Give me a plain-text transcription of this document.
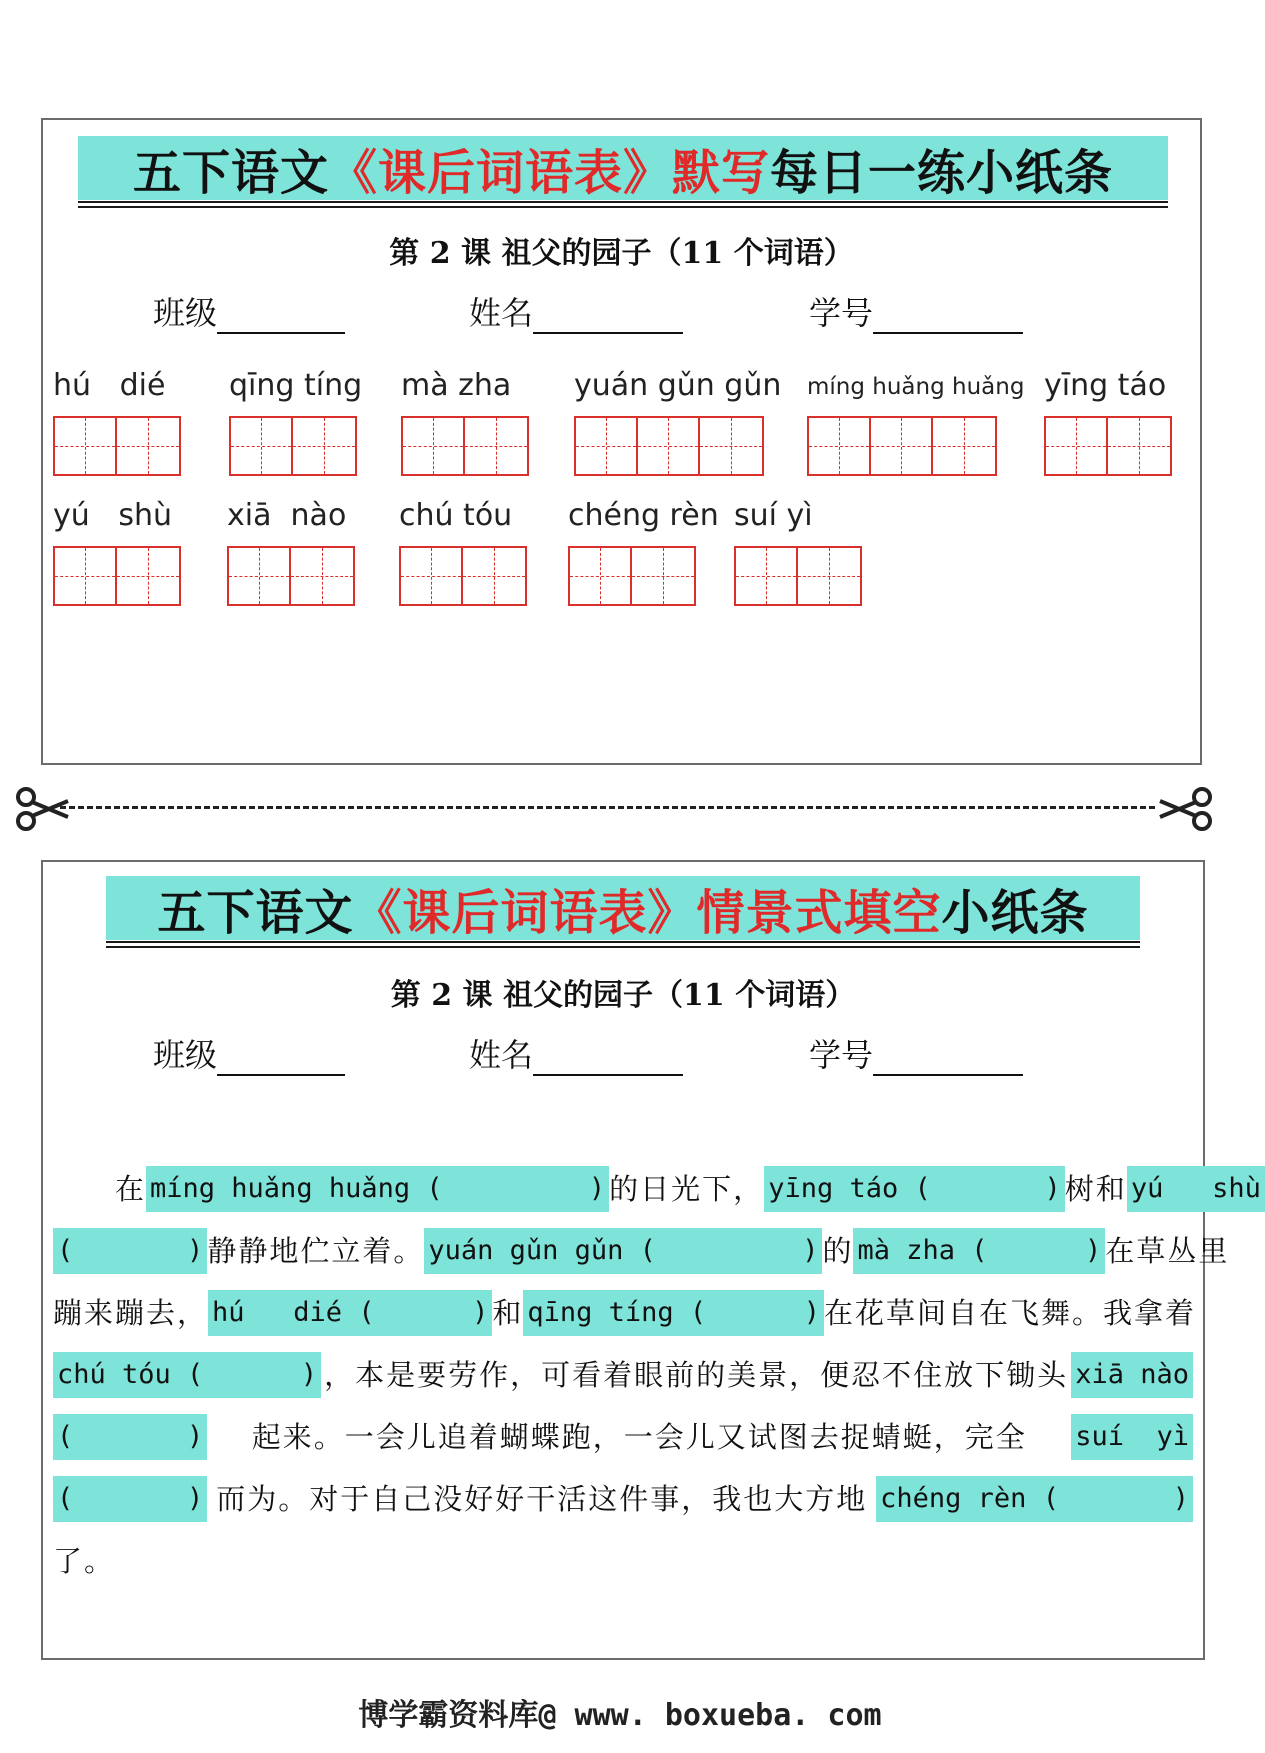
五下语文《课后词语表》默写每日一练小纸条
第 2 课 祖父的园子（11 个词语）
班级	姓名	学号
hú   dié qīng tíng mà zha yuán gǔn gǔn míng huǎng huǎng yīng táo
yú   shù xiā  nào chú tóu chéng rèn suí yì
五下语文《课后词语表》情景式填空小纸条
第 2 课 祖父的园子（11 个词语）
班级	姓名	学号
　　在 míng huǎng huǎng (         ) 的日光下， yīng táo (       ) 树和 yú   shù
(       ) 静静地伫立着。 yuán gǔn gǔn (         ) 的 mà zha (      ) 在草丛里
蹦来蹦去， hú   dié (      ) 和 qīng tíng (      ) 在花草间自在飞舞。我拿着
chú tóu (      ) ，本是要劳作，可看着眼前的美景，便忍不住放下锄头 xiā nào
(       ) 起来。一会儿追着蝴蝶跑，一会儿又试图去捉蜻蜓，完全 suí  yì
(       ) 而为。对于自己没好好干活这件事，我也大方地 chéng rèn (       )
了。
博学霸资料库@ www. boxueba. com
